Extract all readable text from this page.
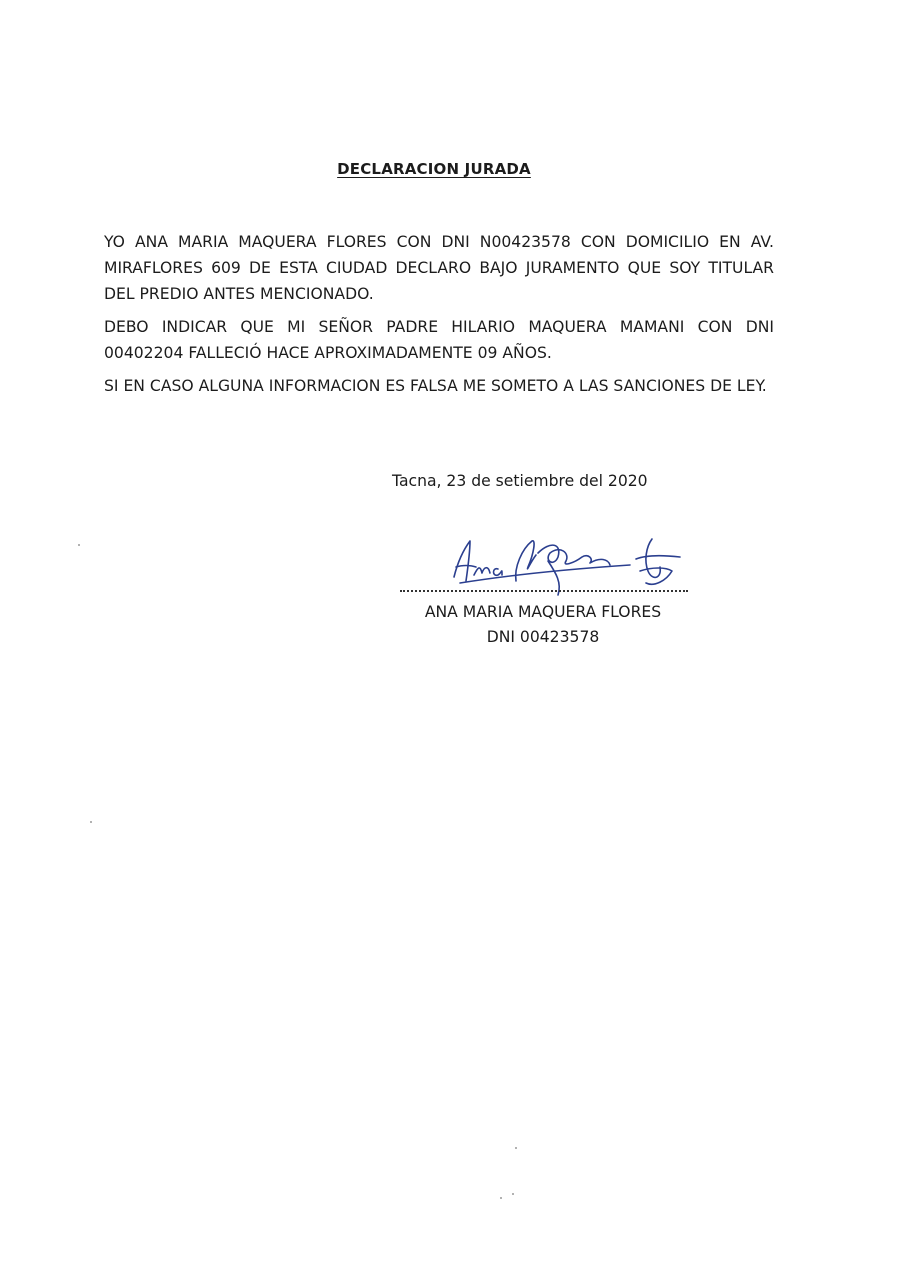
DECLARACION JURADA

YO ANA MARIA MAQUERA FLORES CON DNI N00423578 CON DOMICILIO EN AV. MIRAFLORES 609 DE ESTA CIUDAD DECLARO BAJO JURAMENTO QUE SOY TITULAR DEL PREDIO ANTES MENCIONADO.

DEBO INDICAR QUE MI SEÑOR PADRE HILARIO MAQUERA MAMANI CON DNI 00402204 FALLECIÓ HACE APROXIMADAMENTE 09 AÑOS.

SI EN CASO ALGUNA INFORMACION ES FALSA ME SOMETO A LAS SANCIONES DE LEY.

Tacna, 23 de setiembre del 2020
ANA MARIA MAQUERA FLORES
DNI 00423578
